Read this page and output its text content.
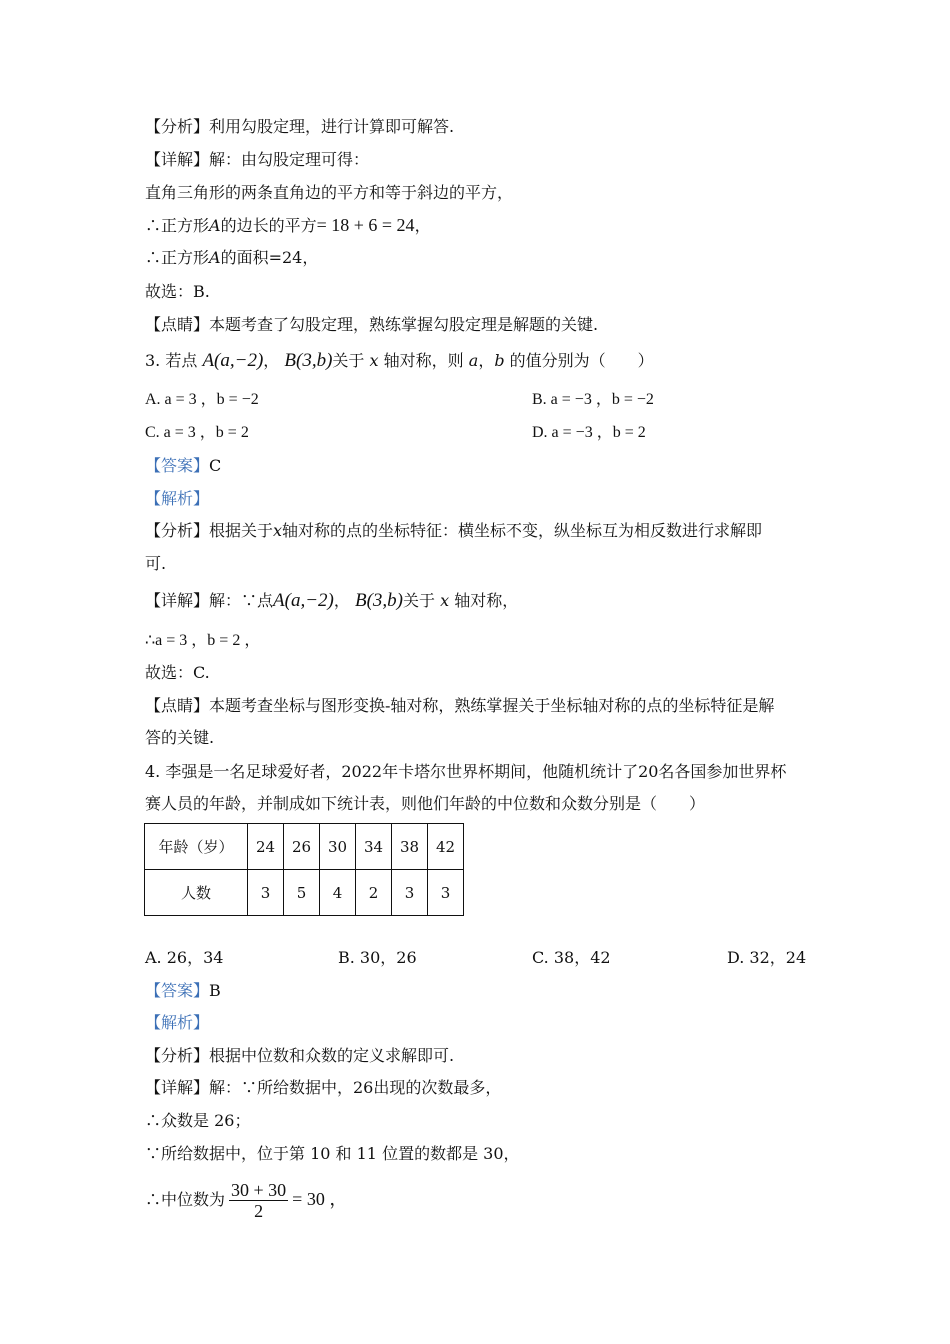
【分析】利用勾股定理，进行计算即可解答.
【详解】解：由勾股定理可得：
直角三角形的两条直角边的平方和等于斜边的平方，
∴正方形A的边长的平方= 18 + 6 = 24，
∴正方形A的面积=24，
故选：B.
【点睛】本题考查了勾股定理，熟练掌握勾股定理是解题的关键.
3. 若点 A(a,−2)， B(3,b)关于 x 轴对称，则 a，b 的值分别为（　　）
A. a = 3 ，b = −2	B. a = −3 ，b = −2
C. a = 3 ，b = 2	D. a = −3 ，b = 2
【答案】C
【解析】
【分析】根据关于x轴对称的点的坐标特征：横坐标不变，纵坐标互为相反数进行求解即
可.
【详解】解：∵点A(a,−2)， B(3,b)关于 x 轴对称，
∴a = 3 ，b = 2 ，
故选：C.
【点睛】本题考查坐标与图形变换-轴对称，熟练掌握关于坐标轴对称的点的坐标特征是解
答的关键.
4. 李强是一名足球爱好者，2022年卡塔尔世界杯期间，他随机统计了20名各国参加世界杯
赛人员的年龄，并制成如下统计表，则他们年龄的中位数和众数分别是（　　）
年龄（岁）	24	26	30	34	38	42
人数	3	5	4	2	3	3
A. 26，34	B. 30，26	C. 38，42	D. 32，24
【答案】B
【解析】
【分析】根据中位数和众数的定义求解即可.
【详解】解：∵所给数据中，26出现的次数最多，
∴众数是 26；
∵所给数据中，位于第 10 和 11 位置的数都是 30，
∴中位数为 $\frac{30 + 30}{2} = 30$ ，
